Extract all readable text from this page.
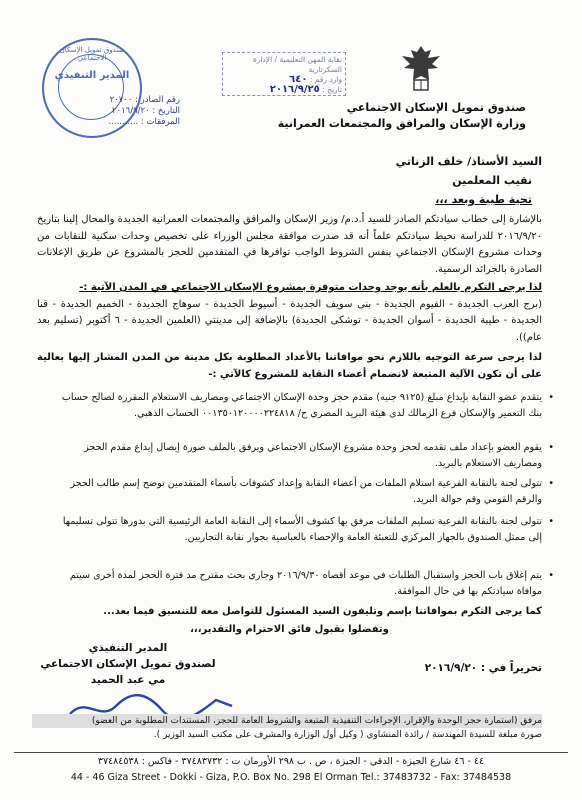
صندوق تمويل الإسكان الاجتماعي
المدير التنفيذي
رقم الصادر : ٢٠٧٠٠
التاريخ : ٢٠١٦/٩/٢٠
المرفقات : ...........
نقابة المهن التعليمية / الإدارة السكرتارية
وارد رقم : ٦٤٠
تاريخ : ٢٠١٦/٩/٢٥
صندوق تمويل الإسكان الاجتماعي
وزارة الإسكان والمرافق والمجتمعات العمرانية
السيد الأستاذ/ خلف الزناتي
نقيب المعلمين
تحية طيبة وبعد ،،،
بالإشارة إلى خطاب سيادتكم الصادر للسيد أ.د.م/ وزير الإسكان والمرافق والمجتمعات العمرانية الجديدة والمحال إلينا بتاريخ ٢٠١٦/٩/٢٠ للدراسة نحيط سيادتكم علماً أنه قد صدرت موافقة مجلس الوزراء على تخصيص وحدات سكنية للنقابات من وحدات مشروع الإسكان الاجتماعي بنفس الشروط الواجب توافرها في المتقدمين للحجز بالمشروع عن طريق الإعلانات الصادرة بالجرائد الرسمية.
لذا يرجى التكرم بالعلم بأنه يوجد وحدات متوفرة بمشروع الإسكان الاجتماعي في المدن الآتية :-
(برج العرب الجديدة - الفيوم الجديدة - بنى سويف الجديدة - أسيوط الجديدة - سوهاج الجديدة - الخميم الجديدة - قنا الجديدة - طيبة الجديدة - أسوان الجديدة - توشكى الجديدة) بالإضافة إلى مدينتي (العلمين الجديدة - ٦ أكتوبر (تسليم بعد عام)).
لذا يرجى سرعة التوجيه باللازم نحو موافاتنا بالأعداد المطلوبة بكل مدينة من المدن المشار إليها بعالية على أن تكون الآلية المتبعة لانضمام أعضاء النقابة للمشروع كالآتي :-
• يتقدم عضو النقابة بإيداع مبلغ (٩١٢٥ جنيه) مقدم حجز وحدة الإسكان الاجتماعي ومصاريف الاستعلام المقررة لصالح حساب بنك التعمير والإسكان فرع الزمالك لدى هيئة البريد المصري ح/ ٠٠١٣٥٠١٢٠٠٠٠٢٢٤٨١٨ الحساب الذهبي.
• يقوم العضو بإعداد ملف تقدمه لحجز وحدة مشروع الإسكان الاجتماعي ويرفق بالملف صورة إيصال إيداع مقدم الحجز ومصاريف الاستعلام بالبريد.
• تتولى لجنة بالنقابة الفرعية استلام الملفات من أعضاء النقابة وإعداد كشوفات بأسماء المتقدمين توضح إسم طالب الحجز والرقم القومي وقم حوالة البريد.
• تتولى لجنة بالنقابة الفرعية تسليم الملفات مرفق بها كشوف الأسماء إلى النقابة العامة الرئيسية التي بدورها تتولى تسليمها إلى ممثل الصندوق بالجهاز المركزي للتعبئة العامة والإحصاء بالعباسية بجوار نقابة التجاريين.
• يتم إغلاق باب الحجز واستقبال الطلبات في موعد أقصاه ٢٠١٦/٩/٣٠ وجاري بحث مقترح مد فترة الحجز لمدة أخرى سيتم موافاة سيادتكم بها في حال الموافقة.
كما يرجى التكرم بموافاتنا بإسم وتليفون السيد المسئول للتواصل معه للتنسيق فيما بعد...
وتفضلوا بقبول فائق الاحترام والتقدير،،،
المدير التنفيذي
لصندوق تمويل الإسكان الاجتماعي
مي عبد الحميد
تحريراً في : ٢٠١٦/٩/٢٠
مرفق (استمارة حجز الوحدة والإقرار، الإجراءات التنفيذية المتبعة والشروط العامة للحجز، المستندات المطلوبة من العضو)
صورة مبلغة للسيدة المهندسة / رائدة المنشاوي ( وكيل أول الوزارة والمشرف على مكتب السيد الوزير ).
٤٤ - ٤٦ شارع الجيزة - الدقي - الجيزة ، ص . ب ٢٩٨ الأورمان ت : ٣٧٤٨٣٧٣٢ - فاكس : ٣٧٤٨٤٥٣٨
44 - 46 Giza Street - Dokki - Giza, P.O. Box No. 298 El Orman Tel.: 37483732 - Fax: 37484538
